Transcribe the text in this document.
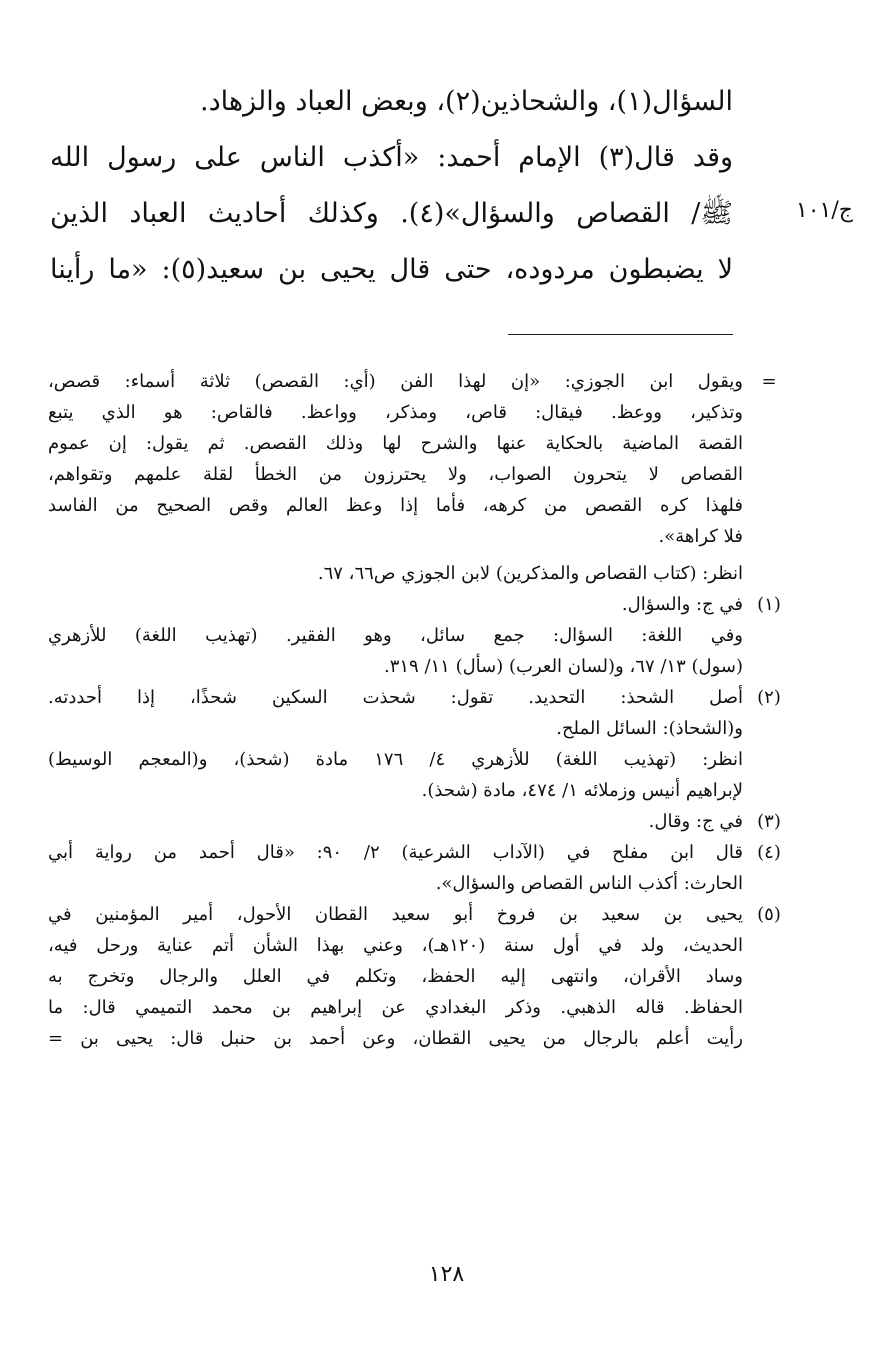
السؤال(١)، والشحاذين(٢)، وبعض العباد والزهاد.
وقد قال(٣) الإمام أحمد: «أكذب الناس على رسول الله
ﷺ/ القصاص والسؤال»(٤). وكذلك أحاديث العباد الذين
لا يضبطون مردوده، حتى قال يحيى بن سعيد(٥): «ما رأينا
ج/١٠١
=
ويقول ابن الجوزي: «إن لهذا الفن (أي: القصص) ثلاثة أسماء: قصص،
وتذكير، ووعظ. فيقال: قاص، ومذكر، وواعظ. فالقاص: هو الذي يتبع
القصة الماضية بالحكاية عنها والشرح لها وذلك القصص. ثم يقول: إن عموم
القصاص لا يتحرون الصواب، ولا يحترزون من الخطأ لقلة علمهم وتقواهم،
فلهذا كره القصص من كرهه، فأما إذا وعظ العالم وقص الصحيح من الفاسد
فلا كراهة».
انظر: (كتاب القصاص والمذكرين) لابن الجوزي ص٦٦، ٦٧.
(١)
في ج: والسؤال.
وفي اللغة: السؤال: جمع سائل، وهو الفقير. (تهذيب اللغة) للأزهري
(سول) ١٣/ ٦٧، و(لسان العرب) (سأل) ١١/ ٣١٩.
(٢)
أصل الشحذ: التحديد. تقول: شحذت السكين شحذًا، إذا أحددته.
و(الشحاذ): السائل الملح.
انظر: (تهذيب اللغة) للأزهري ٤/ ١٧٦ مادة (شحذ)، و(المعجم الوسيط)
لإبراهيم أنيس وزملائه ١/ ٤٧٤، مادة (شحذ).
(٣)
في ج: وقال.
(٤)
قال ابن مفلح في (الآداب الشرعية) ٢/ ٩٠: «قال أحمد من رواية أبي
الحارث: أكذب الناس القصاص والسؤال».
(٥)
يحيى بن سعيد بن فروخ أبو سعيد القطان الأحول، أمير المؤمنين في
الحديث، ولد في أول سنة (١٢٠هـ)، وعني بهذا الشأن أتم عناية ورحل فيه،
وساد الأقران، وانتهى إليه الحفظ، وتكلم في العلل والرجال وتخرج به
الحفاظ. قاله الذهبي. وذكر البغدادي عن إبراهيم بن محمد التميمي قال: ما
رأيت أعلم بالرجال من يحيى القطان، وعن أحمد بن حنبل قال: يحيى بن =
١٢٨
